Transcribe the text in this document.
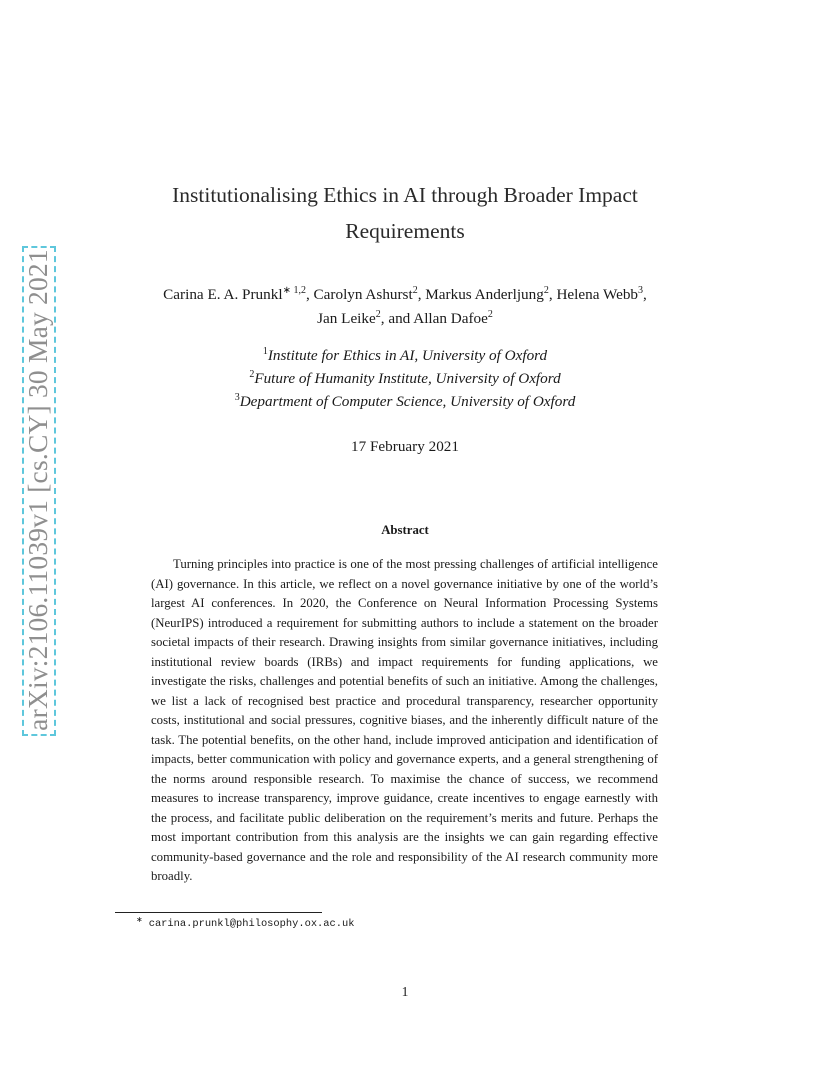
arXiv:2106.11039v1 [cs.CY] 30 May 2021
Institutionalising Ethics in AI through Broader Impact
Requirements
Carina E. A. Prunkl$^{∗ 1,2}$, Carolyn Ashurst$^2$, Markus Anderljung$^2$, Helena Webb$^3$,
Jan Leike$^2$, and Allan Dafoe$^2$
$^1$Institute for Ethics in AI, University of Oxford
$^2$Future of Humanity Institute, University of Oxford
$^3$Department of Computer Science, University of Oxford
17 February 2021
Abstract
Turning principles into practice is one of the most pressing challenges of artificial intelligence (AI) governance. In this article, we reflect on a novel governance initiative by one of the world’s largest AI conferences. In 2020, the Conference on Neural Information Processing Systems (NeurIPS) introduced a requirement for submitting authors to include a statement on the broader societal impacts of their research. Drawing insights from similar governance initiatives, including institutional review boards (IRBs) and impact requirements for funding applications, we investigate the risks, challenges and potential benefits of such an initiative. Among the challenges, we list a lack of recognised best practice and procedural transparency, researcher opportunity costs, institutional and social pressures, cognitive biases, and the inherently difficult nature of the task. The potential benefits, on the other hand, include improved anticipation and identification of impacts, better communication with policy and governance experts, and a general strengthening of the norms around responsible research. To maximise the chance of success, we recommend measures to increase transparency, improve guidance, create incentives to engage earnestly with the process, and facilitate public deliberation on the requirement’s merits and future. Perhaps the most important contribution from this analysis are the insights we can gain regarding effective community-based governance and the role and responsibility of the AI research community more broadly.
∗ carina.prunkl@philosophy.ox.ac.uk
1
